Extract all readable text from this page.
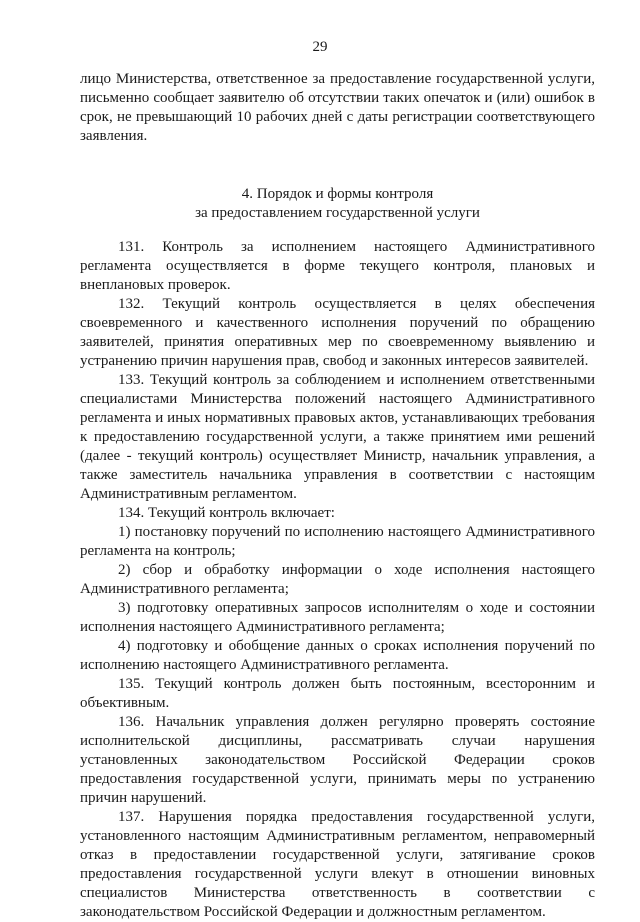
29

лицо Министерства, ответственное за предоставление государственной услуги, письменно сообщает заявителю об отсутствии таких опечаток и (или) ошибок в срок, не превышающий 10 рабочих дней с даты регистрации соответствующего заявления.

4. Порядок и формы контроля
за предоставлением государственной услуги

131. Контроль за исполнением настоящего Административного регламента осуществляется в форме текущего контроля, плановых и внеплановых проверок.

132. Текущий контроль осуществляется в целях обеспечения своевременного и качественного исполнения поручений по обращению заявителей, принятия оперативных мер по своевременному выявлению и устранению причин нарушения прав, свобод и законных интересов заявителей.

133. Текущий контроль за соблюдением и исполнением ответственными специалистами Министерства положений настоящего Административного регламента и иных нормативных правовых актов, устанавливающих требования к предоставлению государственной услуги, а также принятием ими решений (далее - текущий контроль) осуществляет Министр, начальник управления, а также заместитель начальника управления в соответствии с настоящим Административным регламентом.

134. Текущий контроль включает:

1) постановку поручений по исполнению настоящего Административного регламента на контроль;

2) сбор и обработку информации о ходе исполнения настоящего Административного регламента;

3) подготовку оперативных запросов исполнителям о ходе и состоянии исполнения настоящего Административного регламента;

4) подготовку и обобщение данных о сроках исполнения поручений по исполнению настоящего Административного регламента.

135. Текущий контроль должен быть постоянным, всесторонним и объективным.

136. Начальник управления должен регулярно проверять состояние исполнительской дисциплины, рассматривать случаи нарушения установленных законодательством Российской Федерации сроков предоставления государственной услуги, принимать меры по устранению причин нарушений.

137. Нарушения порядка предоставления государственной услуги, установленного настоящим Административным регламентом, неправомерный отказ в предоставлении государственной услуги, затягивание сроков предоставления государственной услуги влекут в отношении виновных специалистов Министерства ответственность в соответствии с законодательством Российской Федерации и должностным регламентом.
